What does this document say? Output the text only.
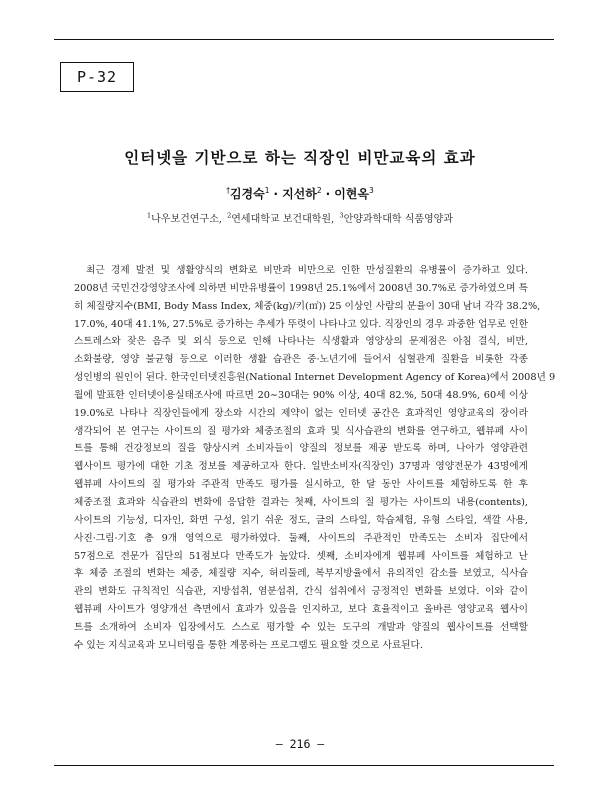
P-32
인터넷을 기반으로 하는 직장인 비만교육의 효과
†김경숙$^1$ · 지선하$^2$ · 이현옥$^3$
$^1$나우보건연구소, $^2$연세대학교 보건대학원, $^3$안양과학대학 식품영양과
최근 경제 발전 및 생활양식의 변화로 비만과 비만으로 인한 만성질환의 유병률이 증가하고 있다.
2008년 국민건강영양조사에 의하면 비만유병률이 1998년 25.1%에서 2008년 30.7%로 증가하였으며 특
히 체질량지수(BMI, Body Mass Index, 체중(kg)/키(㎡)) 25 이상인 사람의 분율이 30대 남녀 각각 38.2%,
17.0%, 40대 41.1%, 27.5%로 증가하는 추세가 뚜렷이 나타나고 있다. 직장인의 경우 과중한 업무로 인한
스트레스와 잦은 음주 및 외식 등으로 인해 나타나는 식생활과 영양상의 문제점은 아침 결식, 비만,
소화불량, 영양 불균형 등으로 이러한 생활 습관은 중·노년기에 들어서 심혈관계 질환을 비롯한 각종
성인병의 원인이 된다. 한국인터넷진흥원(National Internet Development Agency of Korea)에서 2008년 9
월에 발표한 인터넷이용실태조사에 따르면 20∼30대는 90% 이상, 40대 82.%, 50대 48.9%, 60세 이상
19.0%로 나타나 직장인들에게 장소와 시간의 제약이 없는 인터넷 공간은 효과적인 영양교육의 장이라
생각되어 본 연구는 사이트의 질 평가와 체중조절의 효과 및 식사습관의 변화를 연구하고, 웹뷰페 사이
트를 통해 건강정보의 질을 향상시켜 소비자들이 양질의 정보를 제공 받도록 하며, 나아가 영양관련
웹사이트 평가에 대한 기초 정보를 제공하고자 한다. 일반소비자(직장인) 37명과 영양전문가 43명에게
웹뷰페 사이트의 질 평가와 주관적 만족도 평가를 실시하고, 한 달 동안 사이트를 체험하도록 한 후
체중조절 효과와 식습관의 변화에 응답한 결과는 첫째, 사이트의 질 평가는 사이트의 내용(contents),
사이트의 기능성, 디자인, 화면 구성, 읽기 쉬운 정도, 글의 스타일, 학습체험, 유형 스타일, 색깔 사용,
사진·그림·기호 총 9개 영역으로 평가하였다. 둘째, 사이트의 주관적인 만족도는 소비자 집단에서
57점으로 전문가 집단의 51점보다 만족도가 높았다. 셋째, 소비자에게 웹뷰페 사이트를 체험하고 난
후 체중 조절의 변화는 체중, 체질량 지수, 허리둘레, 복부지방율에서 유의적인 감소를 보였고, 식사습
관의 변화도 규칙적인 식습관, 지방섭취, 염분섭취, 간식 섭취에서 긍정적인 변화를 보였다. 이와 같이
웹뷰페 사이트가 영양개선 측면에서 효과가 있음을 인지하고, 보다 효율적이고 올바른 영양교육 웹사이
트를 소개하여 소비자 입장에서도 스스로 평가할 수 있는 도구의 개발과 양질의 웹사이트를 선택할
수 있는 지식교육과 모니터링을 통한 계몽하는 프로그램도 필요할 것으로 사료된다.
– 216 –
